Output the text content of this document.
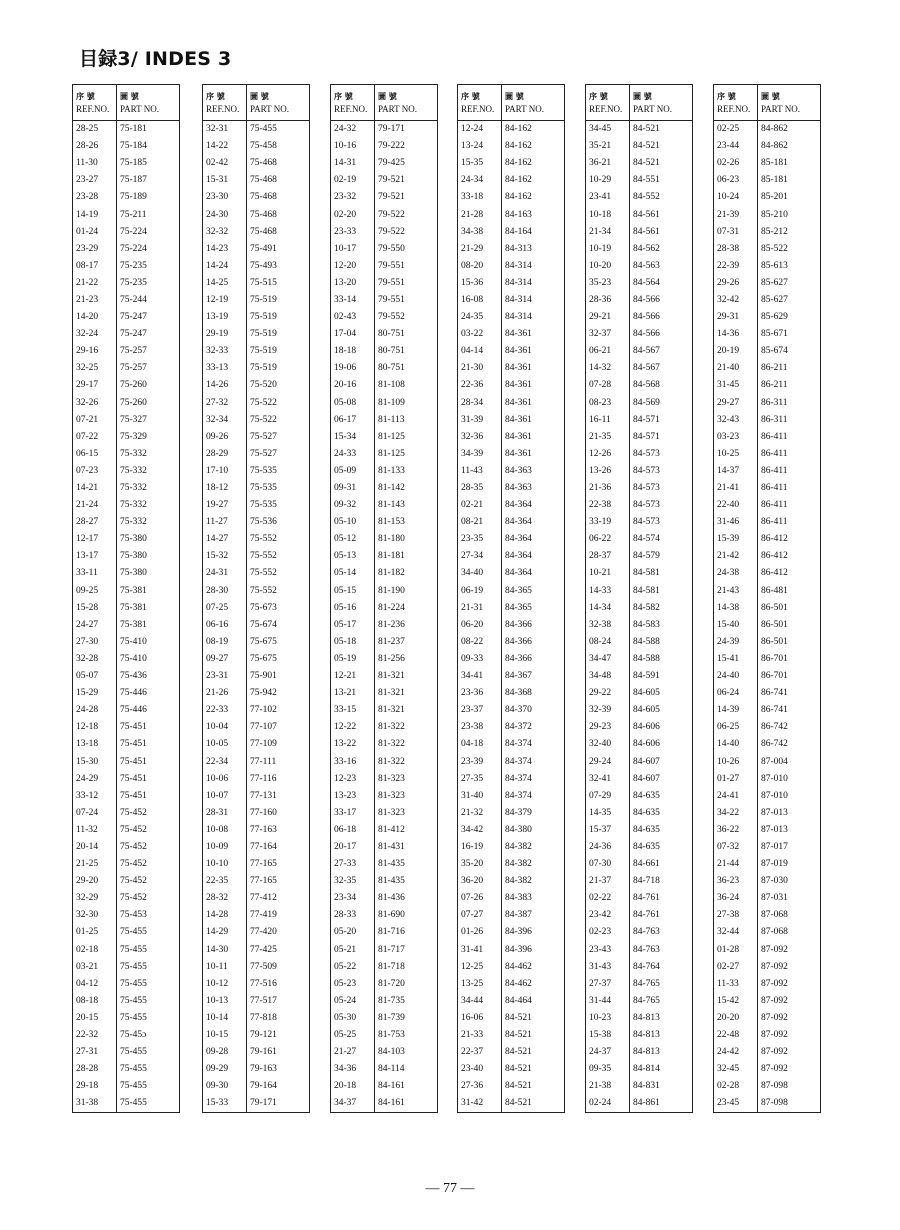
目録3/ INDES 3
序 號
REF.NO.	圖 號
PART NO.
28-25	75-181
28-26	75-184
11-30	75-185
23-27	75-187
23-28	75-189
14-19	75-211
01-24	75-224
23-29	75-224
08-17	75-235
21-22	75-235
21-23	75-244
14-20	75-247
32-24	75-247
29-16	75-257
32-25	75-257
29-17	75-260
32-26	75-260
07-21	75-327
07-22	75-329
06-15	75-332
07-23	75-332
14-21	75-332
21-24	75-332
28-27	75-332
12-17	75-380
13-17	75-380
33-11	75-380
09-25	75-381
15-28	75-381
24-27	75-381
27-30	75-410
32-28	75-410
05-07	75-436
15-29	75-446
24-28	75-446
12-18	75-451
13-18	75-451
15-30	75-451
24-29	75-451
33-12	75-451
07-24	75-452
11-32	75-452
20-14	75-452
21-25	75-452
29-20	75-452
32-29	75-452
32-30	75-453
01-25	75-455
02-18	75-455
03-21	75-455
04-12	75-455
08-18	75-455
20-15	75-455
22-32	75-45ɔ
27-31	75-455
28-28	75-455
29-18	75-455
31-38	75-455
序 號
REF.NO.	圖 號
PART NO.
32-31	75-455
14-22	75-458
02-42	75-468
15-31	75-468
23-30	75-468
24-30	75-468
32-32	75-468
14-23	75-491
14-24	75-493
14-25	75-515
12-19	75-519
13-19	75-519
29-19	75-519
32-33	75-519
33-13	75-519
14-26	75-520
27-32	75-522
32-34	75-522
09-26	75-527
28-29	75-527
17-10	75-535
18-12	75-535
19-27	75-535
11-27	75-536
14-27	75-552
15-32	75-552
24-31	75-552
28-30	75-552
07-25	75-673
06-16	75-674
08-19	75-675
09-27	75-675
23-31	75-901
21-26	75-942
22-33	77-102
10-04	77-107
10-05	77-109
22-34	77-111
10-06	77-116
10-07	77-131
28-31	77-160
10-08	77-163
10-09	77-164
10-10	77-165
22-35	77-165
28-32	77-412
14-28	77-419
14-29	77-420
14-30	77-425
10-11	77-509
10-12	77-516
10-13	77-517
10-14	77-818
10-15	79-121
09-28	79-161
09-29	79-163
09-30	79-164
15-33	79-171
序 號
REF.NO.	圖 號
PART NO.
24-32	79-171
10-16	79-222
14-31	79-425
02-19	79-521
23-32	79-521
02-20	79-522
23-33	79-522
10-17	79-550
12-20	79-551
13-20	79-551
33-14	79-551
02-43	79-552
17-04	80-751
18-18	80-751
19-06	80-751
20-16	81-108
05-08	81-109
06-17	81-113
15-34	81-125
24-33	81-125
05-09	81-133
09-31	81-142
09-32	81-143
05-10	81-153
05-12	81-180
05-13	81-181
05-14	81-182
05-15	81-190
05-16	81-224
05-17	81-236
05-18	81-237
05-19	81-256
12-21	81-321
13-21	81-321
33-15	81-321
12-22	81-322
13-22	81-322
33-16	81-322
12-23	81-323
13-23	81-323
33-17	81-323
06-18	81-412
20-17	81-431
27-33	81-435
32-35	81-435
23-34	81-436
28-33	81-690
05-20	81-716
05-21	81-717
05-22	81-718
05-23	81-720
05-24	81-735
05-30	81-739
05-25	81-753
21-27	84-103
34-36	84-114
20-18	84-161
34-37	84-161
序 號
REF.NO.	圖 號
PART NO.
12-24	84-162
13-24	84-162
15-35	84-162
24-34	84-162
33-18	84-162
21-28	84-163
34-38	84-164
21-29	84-313
08-20	84-314
15-36	84-314
16-08	84-314
24-35	84-314
03-22	84-361
04-14	84-361
21-30	84-361
22-36	84-361
28-34	84-361
31-39	84-361
32-36	84-361
34-39	84-361
11-43	84-363
28-35	84-363
02-21	84-364
08-21	84-364
23-35	84-364
27-34	84-364
34-40	84-364
06-19	84-365
21-31	84-365
06-20	84-366
08-22	84-366
09-33	84-366
34-41	84-367
23-36	84-368
23-37	84-370
23-38	84-372
04-18	84-374
23-39	84-374
27-35	84-374
31-40	84-374
21-32	84-379
34-42	84-380
16-19	84-382
35-20	84-382
36-20	84-382
07-26	84-383
07-27	84-387
01-26	84-396
31-41	84-396
12-25	84-462
13-25	84-462
34-44	84-464
16-06	84-521
21-33	84-521
22-37	84-521
23-40	84-521
27-36	84-521
31-42	84-521
序 號
REF.NO.	圖 號
PART NO.
34-45	84-521
35-21	84-521
36-21	84-521
10-29	84-551
23-41	84-552
10-18	84-561
21-34	84-561
10-19	84-562
10-20	84-563
35-23	84-564
28-36	84-566
29-21	84-566
32-37	84-566
06-21	84-567
14-32	84-567
07-28	84-568
08-23	84-569
16-11	84-571
21-35	84-571
12-26	84-573
13-26	84-573
21-36	84-573
22-38	84-573
33-19	84-573
06-22	84-574
28-37	84-579
10-21	84-581
14-33	84-581
14-34	84-582
32-38	84-583
08-24	84-588
34-47	84-588
34-48	84-591
29-22	84-605
32-39	84-605
29-23	84-606
32-40	84-606
29-24	84-607
32-41	84-607
07-29	84-635
14-35	84-635
15-37	84-635
24-36	84-635
07-30	84-661
21-37	84-718
02-22	84-761
23-42	84-761
02-23	84-763
23-43	84-763
31-43	84-764
27-37	84-765
31-44	84-765
10-23	84-813
15-38	84-813
24-37	84-813
09-35	84-814
21-38	84-831
02-24	84-861
序 號
REF.NO.	圖 號
PART NO.
02-25	84-862
23-44	84-862
02-26	85-181
06-23	85-181
10-24	85-201
21-39	85-210
07-31	85-212
28-38	85-522
22-39	85-613
29-26	85-627
32-42	85-627
29-31	85-629
14-36	85-671
20-19	85-674
21-40	86-211
31-45	86-211
29-27	86-311
32-43	86-311
03-23	86-411
10-25	86-411
14-37	86-411
21-41	86-411
22-40	86-411
31-46	86-411
15-39	86-412
21-42	86-412
24-38	86-412
21-43	86-481
14-38	86-501
15-40	86-501
24-39	86-501
15-41	86-701
24-40	86-701
06-24	86-741
14-39	86-741
06-25	86-742
14-40	86-742
10-26	87-004
01-27	87-010
24-41	87-010
34-22	87-013
36-22	87-013
07-32	87-017
21-44	87-019
36-23	87-030
36-24	87-031
27-38	87-068
32-44	87-068
01-28	87-092
02-27	87-092
11-33	87-092
15-42	87-092
20-20	87-092
22-48	87-092
24-42	87-092
32-45	87-092
02-28	87-098
23-45	87-098
— 77 —
